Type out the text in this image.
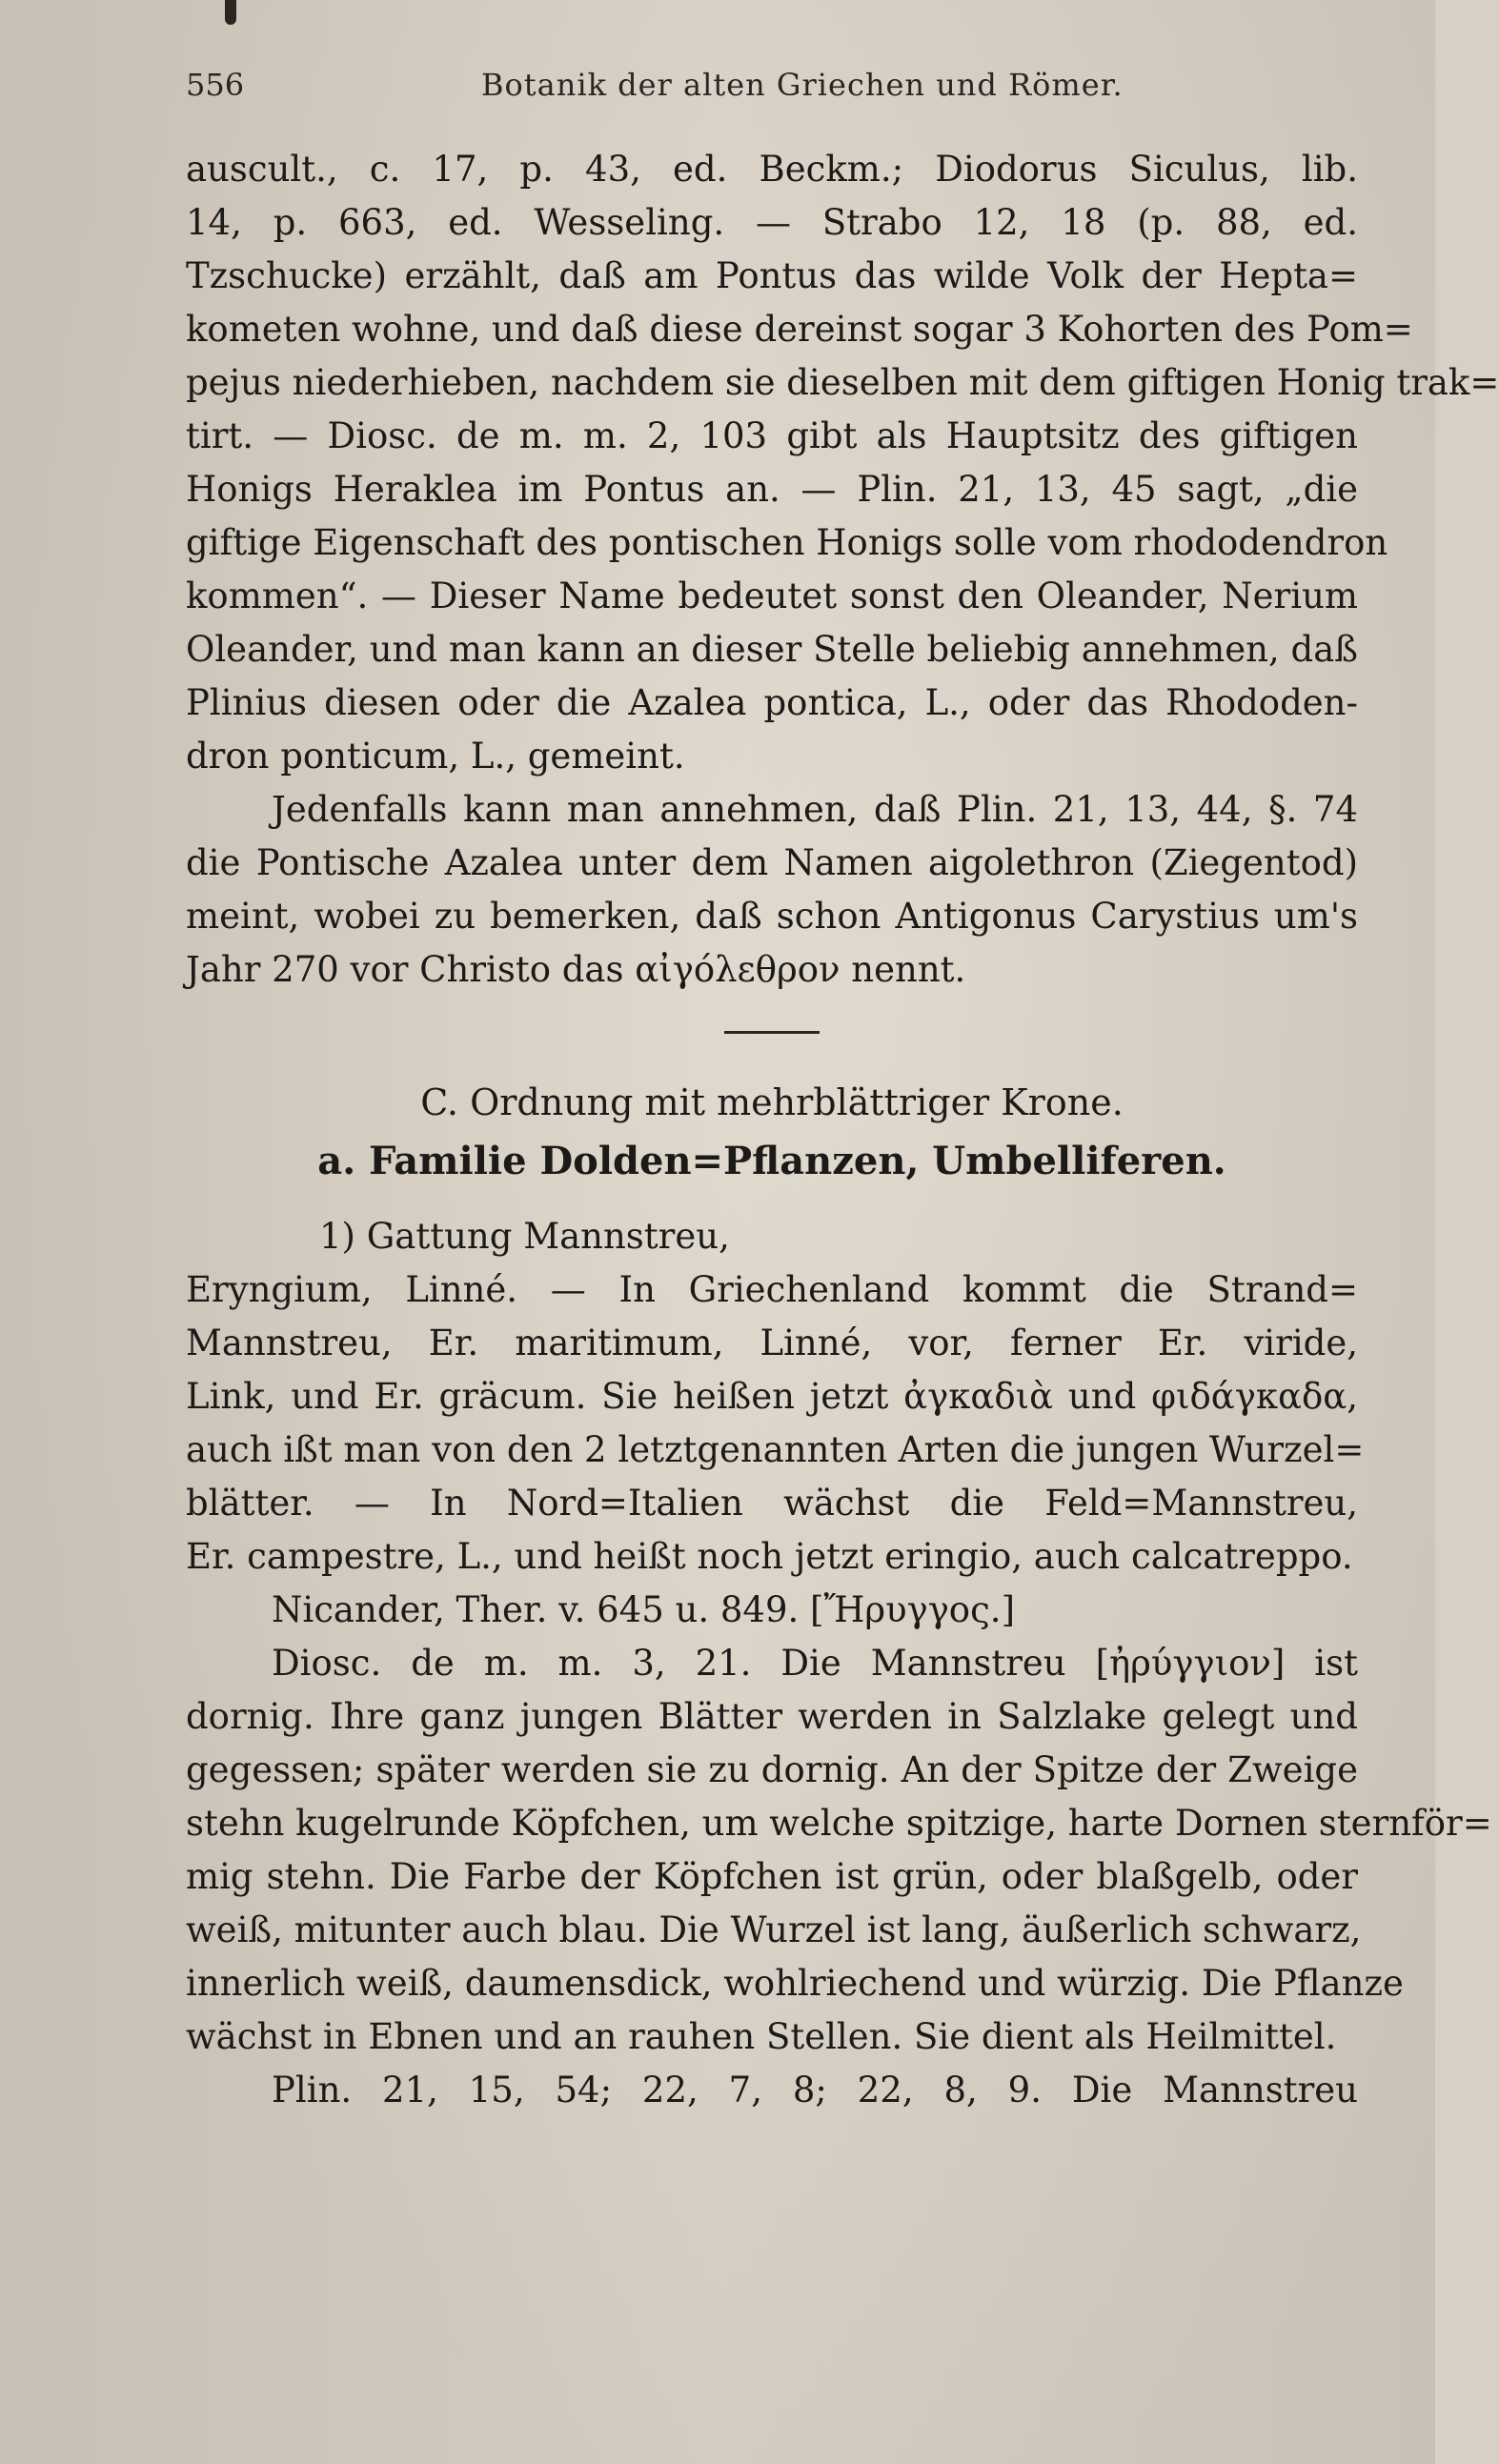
556	Botanik der alten Griechen und Römer.
auscult., c. 17, p. 43, ed. Beckm.; Diodorus Siculus, lib.
14, p. 663, ed. Wesseling. — Strabo 12, 18 (p. 88, ed.
Tzschucke) erzählt, daß am Pontus das wilde Volk der Hepta=
kometen wohne, und daß diese dereinst sogar 3 Kohorten des Pom=
pejus niederhieben, nachdem sie dieselben mit dem giftigen Honig trak=
tirt. — Diosc. de m. m. 2, 103 gibt als Hauptsitz des giftigen
Honigs Heraklea im Pontus an. — Plin. 21, 13, 45 sagt, „die
giftige Eigenschaft des pontischen Honigs solle vom rhododendron
kommen“. — Dieser Name bedeutet sonst den Oleander, Nerium
Oleander, und man kann an dieser Stelle beliebig annehmen, daß
Plinius diesen oder die Azalea pontica, L., oder das Rhododen-
dron ponticum, L., gemeint.
Jedenfalls kann man annehmen, daß Plin. 21, 13, 44, §. 74
die Pontische Azalea unter dem Namen aigolethron (Ziegentod)
meint, wobei zu bemerken, daß schon Antigonus Carystius um's
Jahr 270 vor Christo das αἰγόλεθρον nennt.
C. Ordnung mit mehrblättriger Krone.
a. Familie Dolden=Pflanzen, Umbelliferen.
1) Gattung Mannstreu,
Eryngium, Linné. — In Griechenland kommt die Strand=
Mannstreu, Er. maritimum, Linné, vor, ferner Er. viride,
Link, und Er. gräcum. Sie heißen jetzt ἀγκαδιὰ und φιδάγκαδα,
auch ißt man von den 2 letztgenannten Arten die jungen Wurzel=
blätter. — In Nord=Italien wächst die Feld=Mannstreu,
Er. campestre, L., und heißt noch jetzt eringio, auch calcatreppo.
Nicander, Ther. v. 645 u. 849. [Ἤρυγγος.]
Diosc. de m. m. 3, 21. Die Mannstreu [ἠρύγγιον] ist
dornig. Ihre ganz jungen Blätter werden in Salzlake gelegt und
gegessen; später werden sie zu dornig. An der Spitze der Zweige
stehn kugelrunde Köpfchen, um welche spitzige, harte Dornen sternför=
mig stehn. Die Farbe der Köpfchen ist grün, oder blaßgelb, oder
weiß, mitunter auch blau. Die Wurzel ist lang, äußerlich schwarz,
innerlich weiß, daumensdick, wohlriechend und würzig. Die Pflanze
wächst in Ebnen und an rauhen Stellen. Sie dient als Heilmittel.
Plin. 21, 15, 54; 22, 7, 8; 22, 8, 9. Die Mannstreu
